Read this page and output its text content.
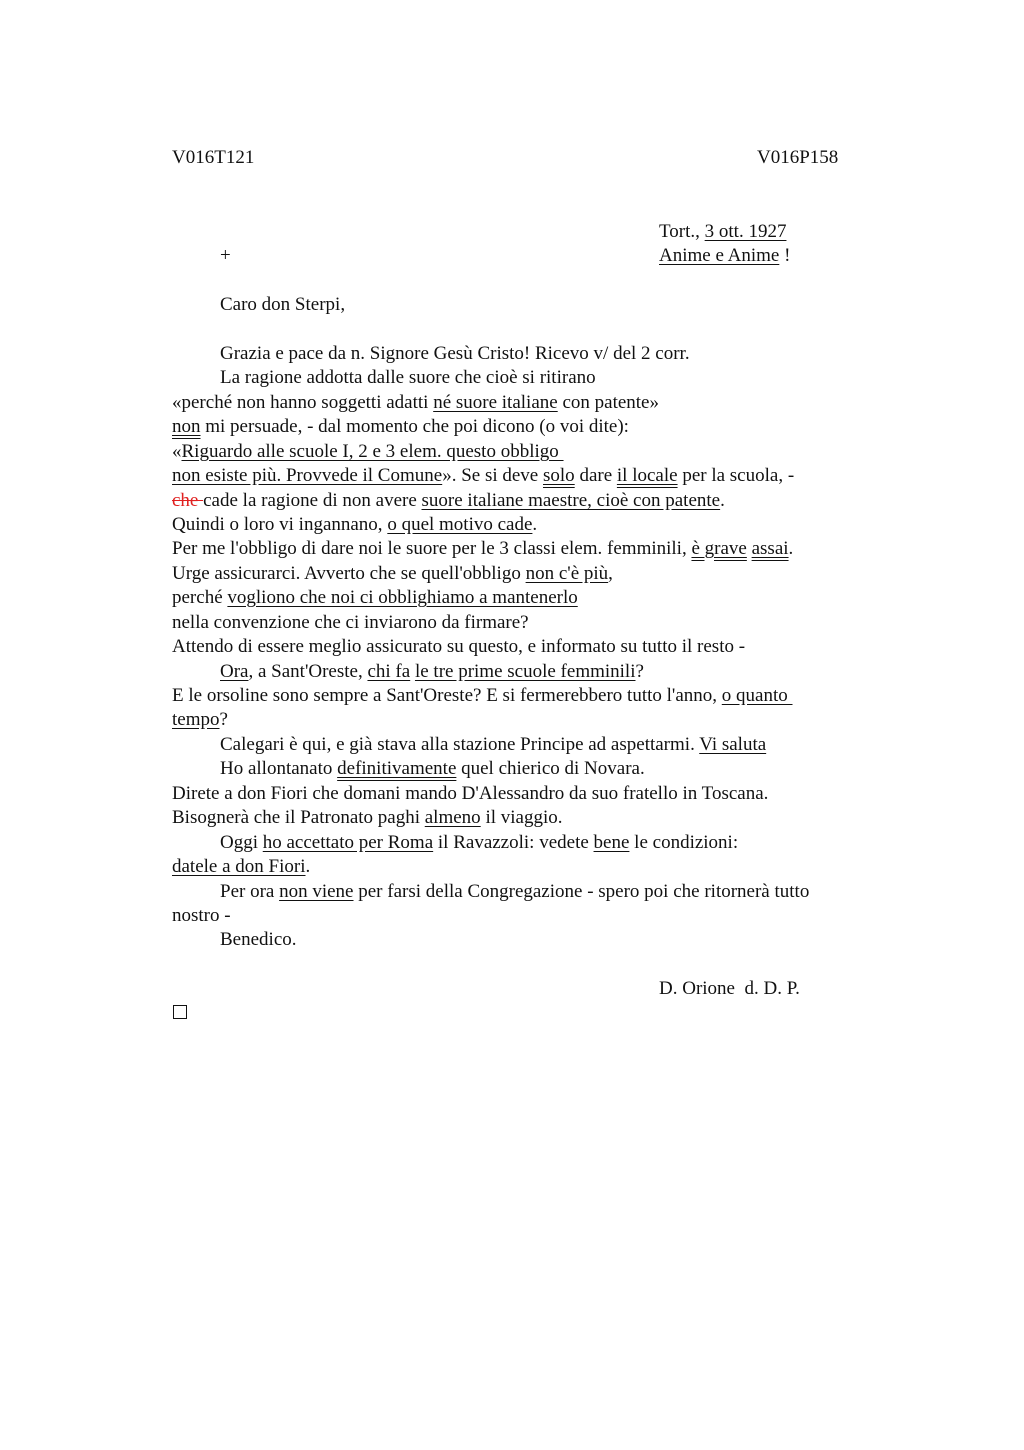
V016T121	V016P158
Tort., 3 ott. 1927
Anime e Anime !
+
Caro don Sterpi,
Grazia e pace da n. Signore Gesù Cristo! Ricevo v/ del 2 corr.
La ragione addotta dalle suore che cioè si ritirano
«perché non hanno soggetti adatti né suore italiane con patente»
non mi persuade, - dal momento che poi dicono (o voi dite):
«Riguardo alle scuole I, 2 e 3 elem. questo obbligo
non esiste più. Provvede il Comune». Se si deve solo dare il locale per la scuola, -
che cade la ragione di non avere suore italiane maestre, cioè con patente.
Quindi o loro vi ingannano, o quel motivo cade.
Per me l'obbligo di dare noi le suore per le 3 classi elem. femminili, è grave assai.
Urge assicurarci. Avverto che se quell'obbligo non c'è più,
perché vogliono che noi ci obblighiamo a mantenerlo
nella convenzione che ci inviarono da firmare?
Attendo di essere meglio assicurato su questo, e informato su tutto il resto -
Ora, a Sant'Oreste, chi fa le tre prime scuole femminili?
E le orsoline sono sempre a Sant'Oreste? E si fermerebbero tutto l'anno, o quanto
tempo?
Calegari è qui, e già stava alla stazione Principe ad aspettarmi. Vi saluta
Ho allontanato definitivamente quel chierico di Novara.
Direte a don Fiori che domani mando D'Alessandro da suo fratello in Toscana.
Bisognerà che il Patronato paghi almeno il viaggio.
Oggi ho accettato per Roma il Ravazzoli: vedete bene le condizioni:
datele a don Fiori.
Per ora non viene per farsi della Congregazione - spero poi che ritornerà tutto
nostro -
Benedico.
D. Orione  d. D. P.
